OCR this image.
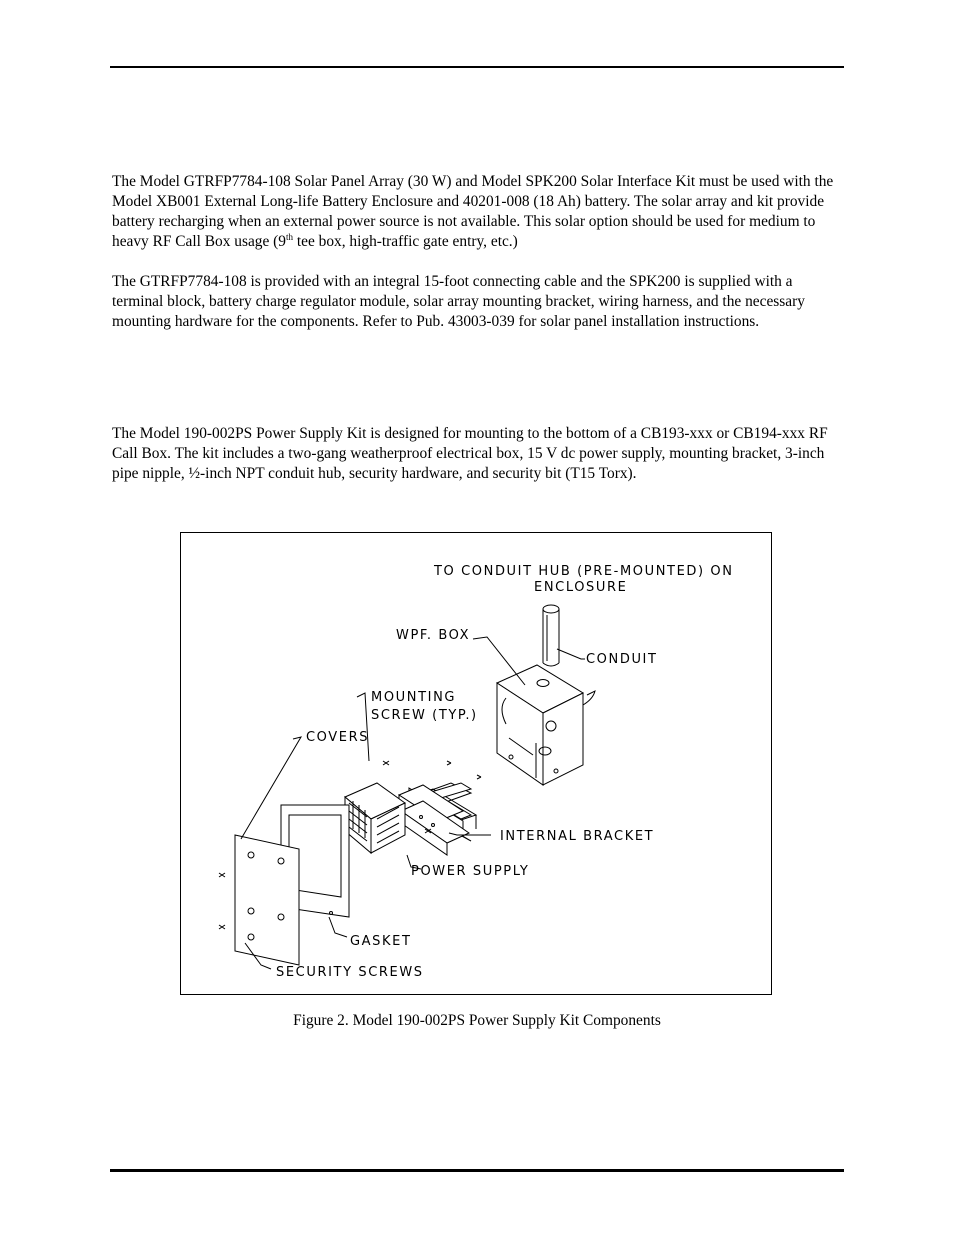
The Model GTRFP7784-108 Solar Panel Array (30 W) and Model SPK200 Solar Interface Kit must be used with the Model XB001 External Long-life Battery Enclosure and 40201-008 (18 Ah) battery. The solar array and kit provide battery recharging when an external power source is not available. This solar option should be used for medium to heavy RF Call Box usage (9th tee box, high-traffic gate entry, etc.)

The GTRFP7784-108 is provided with an integral 15-foot connecting cable and the SPK200 is supplied with a terminal block, battery charge regulator module, solar array mounting bracket, wiring harness, and the necessary mounting hardware for the components. Refer to Pub. 43003-039 for solar panel installation instructions.

The Model 190-002PS Power Supply Kit is designed for mounting to the bottom of a CB193-xxx or CB194-xxx RF Call Box. The kit includes a two-gang weatherproof electrical box, 15 V dc power supply, mounting bracket, 3-inch pipe nipple, ½-inch NPT conduit hub, security hardware, and security bit (T15 Torx).

TO CONDUIT HUB (PRE-MOUNTED) ON
ENCLOSURE
WPF. BOX
CONDUIT
MOUNTING
SCREW (TYP.)
COVERS
INTERNAL BRACKET
POWER SUPPLY
GASKET
SECURITY SCREWS
Figure 2. Model 190-002PS Power Supply Kit Components
